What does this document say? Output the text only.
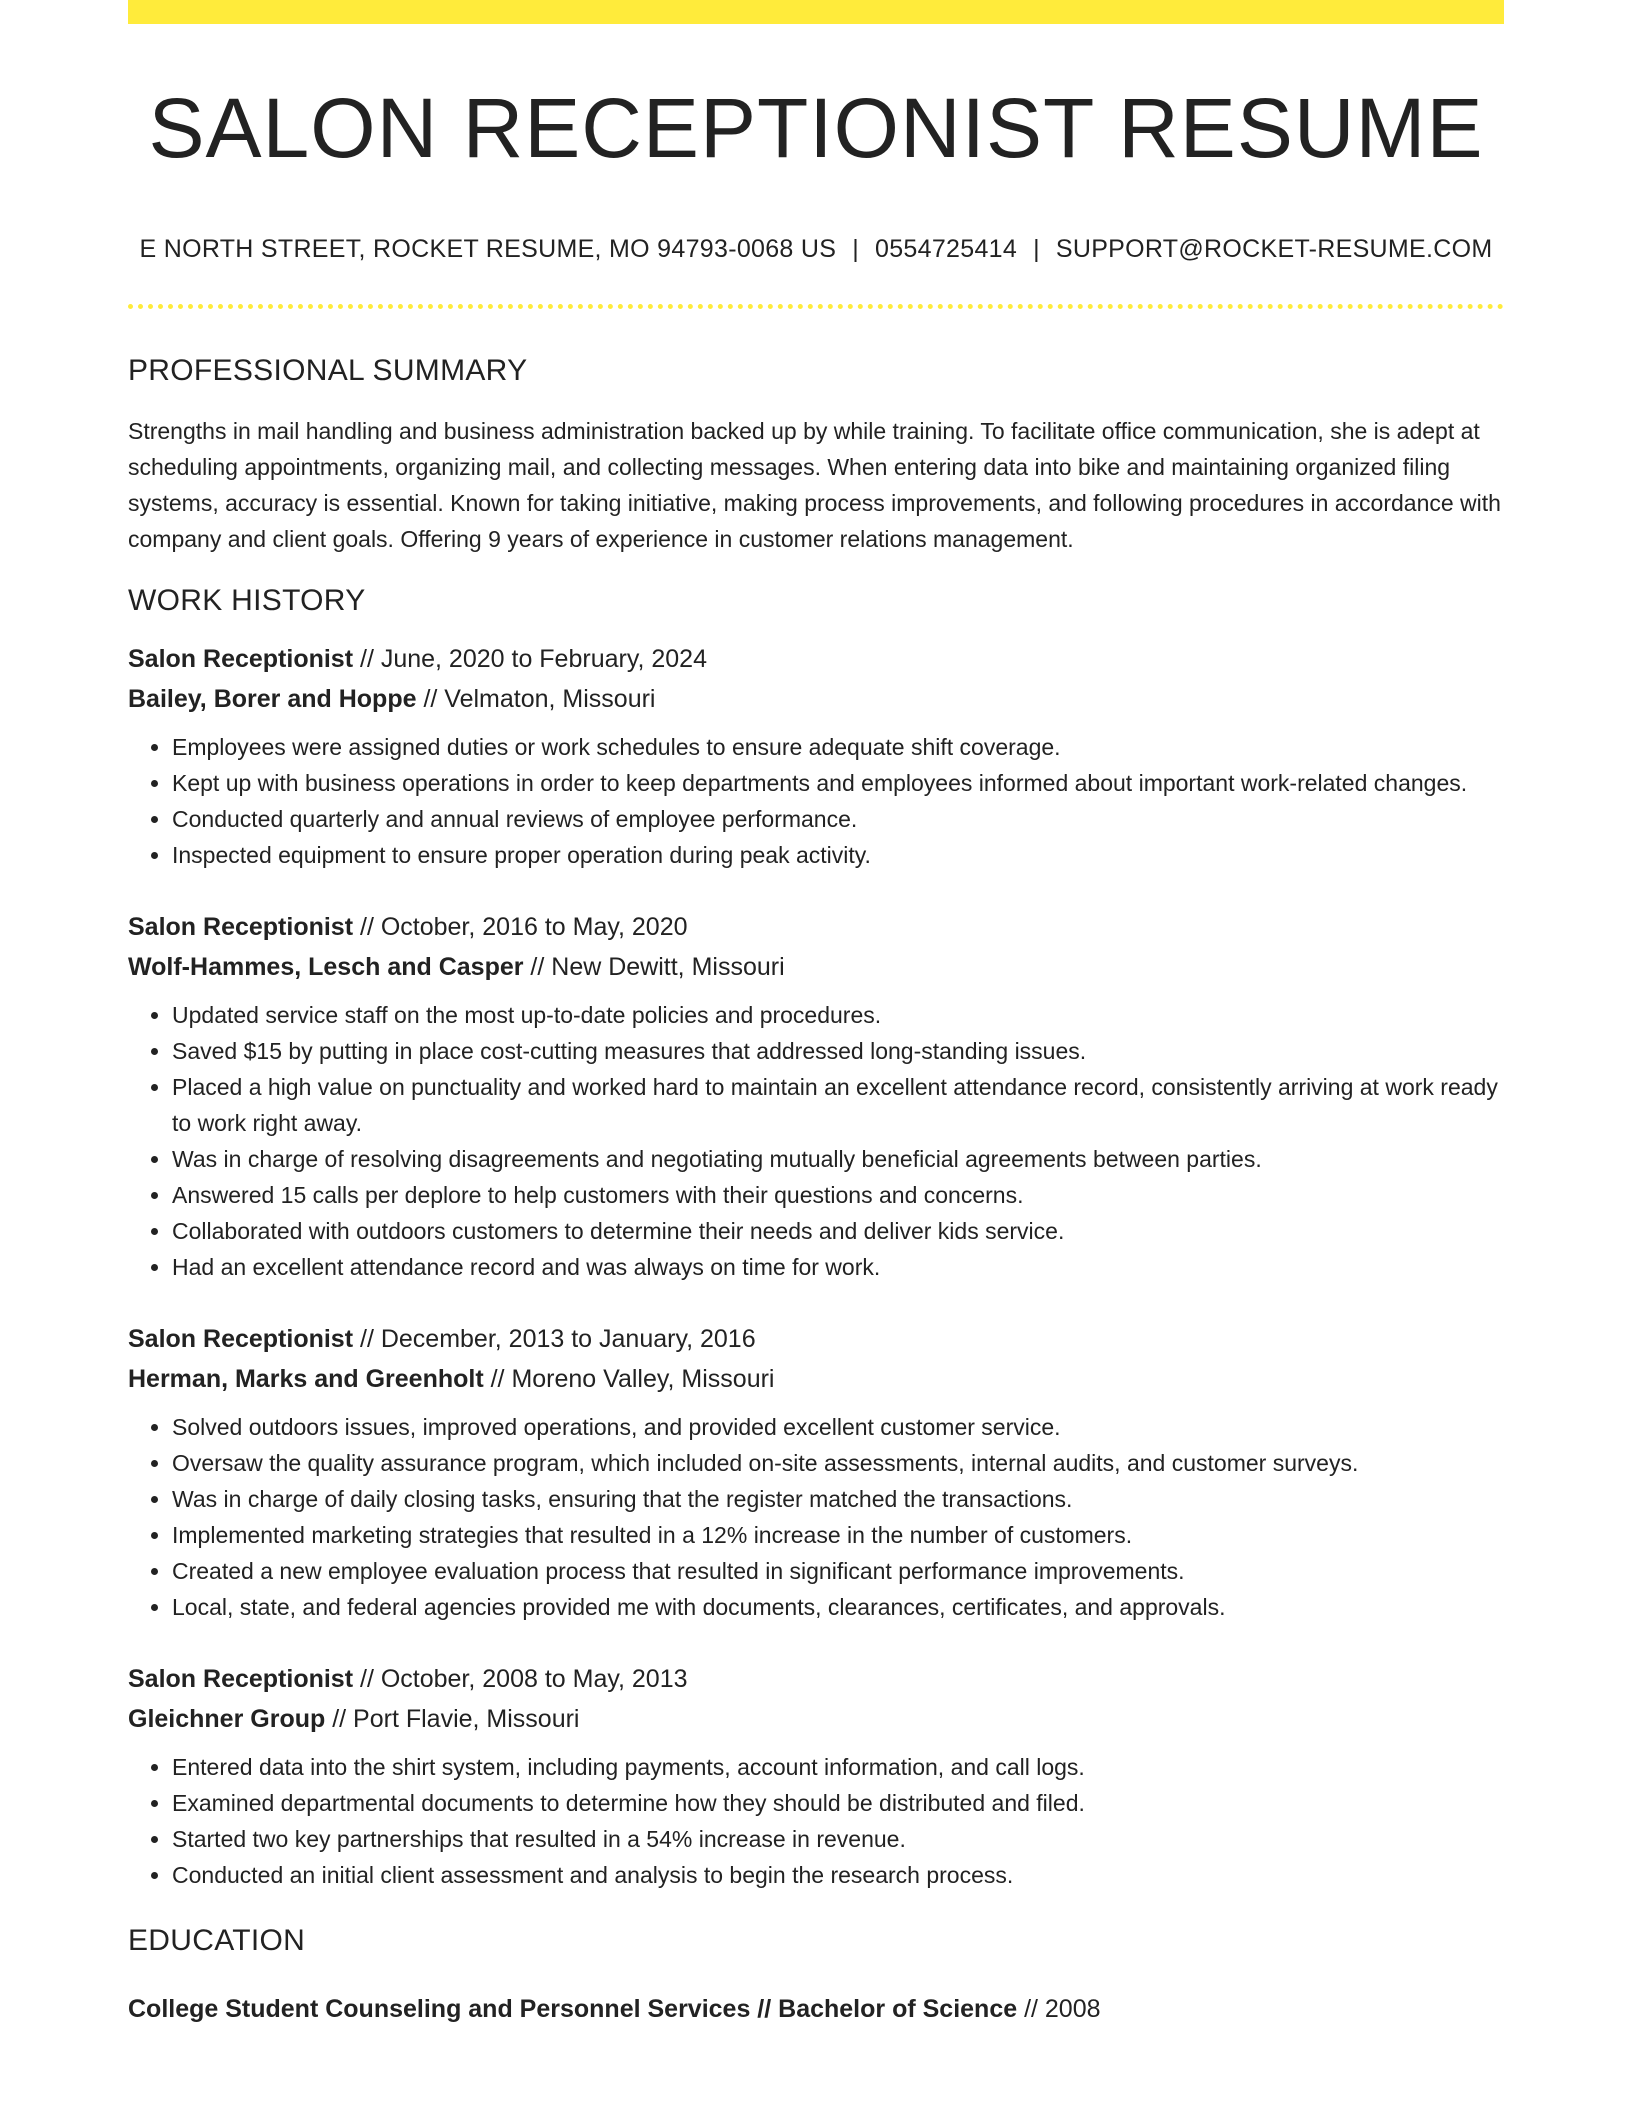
SALON RECEPTIONIST RESUME
E NORTH STREET, ROCKET RESUME, MO 94793-0068 US | 0554725414 | SUPPORT@ROCKET-RESUME.COM
PROFESSIONAL SUMMARY

Strengths in mail handling and business administration backed up by while training. To facilitate office communication, she is adept at scheduling appointments, organizing mail, and collecting messages. When entering data into bike and maintaining organized filing systems, accuracy is essential. Known for taking initiative, making process improvements, and following procedures in accordance with company and client goals. Offering 9 years of experience in customer relations management.

WORK HISTORY
Salon Receptionist // June, 2020 to February, 2024
Bailey, Borer and Hoppe // Velmaton, Missouri
• Employees were assigned duties or work schedules to ensure adequate shift coverage.
• Kept up with business operations in order to keep departments and employees informed about important work-related changes.
• Conducted quarterly and annual reviews of employee performance.
• Inspected equipment to ensure proper operation during peak activity.
Salon Receptionist // October, 2016 to May, 2020
Wolf-Hammes, Lesch and Casper // New Dewitt, Missouri
• Updated service staff on the most up-to-date policies and procedures.
• Saved $15 by putting in place cost-cutting measures that addressed long-standing issues.
• Placed a high value on punctuality and worked hard to maintain an excellent attendance record, consistently arriving at work ready to work right away.
• Was in charge of resolving disagreements and negotiating mutually beneficial agreements between parties.
• Answered 15 calls per deplore to help customers with their questions and concerns.
• Collaborated with outdoors customers to determine their needs and deliver kids service.
• Had an excellent attendance record and was always on time for work.
Salon Receptionist // December, 2013 to January, 2016
Herman, Marks and Greenholt // Moreno Valley, Missouri
• Solved outdoors issues, improved operations, and provided excellent customer service.
• Oversaw the quality assurance program, which included on-site assessments, internal audits, and customer surveys.
• Was in charge of daily closing tasks, ensuring that the register matched the transactions.
• Implemented marketing strategies that resulted in a 12% increase in the number of customers.
• Created a new employee evaluation process that resulted in significant performance improvements.
• Local, state, and federal agencies provided me with documents, clearances, certificates, and approvals.
Salon Receptionist // October, 2008 to May, 2013
Gleichner Group // Port Flavie, Missouri
• Entered data into the shirt system, including payments, account information, and call logs.
• Examined departmental documents to determine how they should be distributed and filed.
• Started two key partnerships that resulted in a 54% increase in revenue.
• Conducted an initial client assessment and analysis to begin the research process.
EDUCATION
College Student Counseling and Personnel Services // Bachelor of Science // 2008
